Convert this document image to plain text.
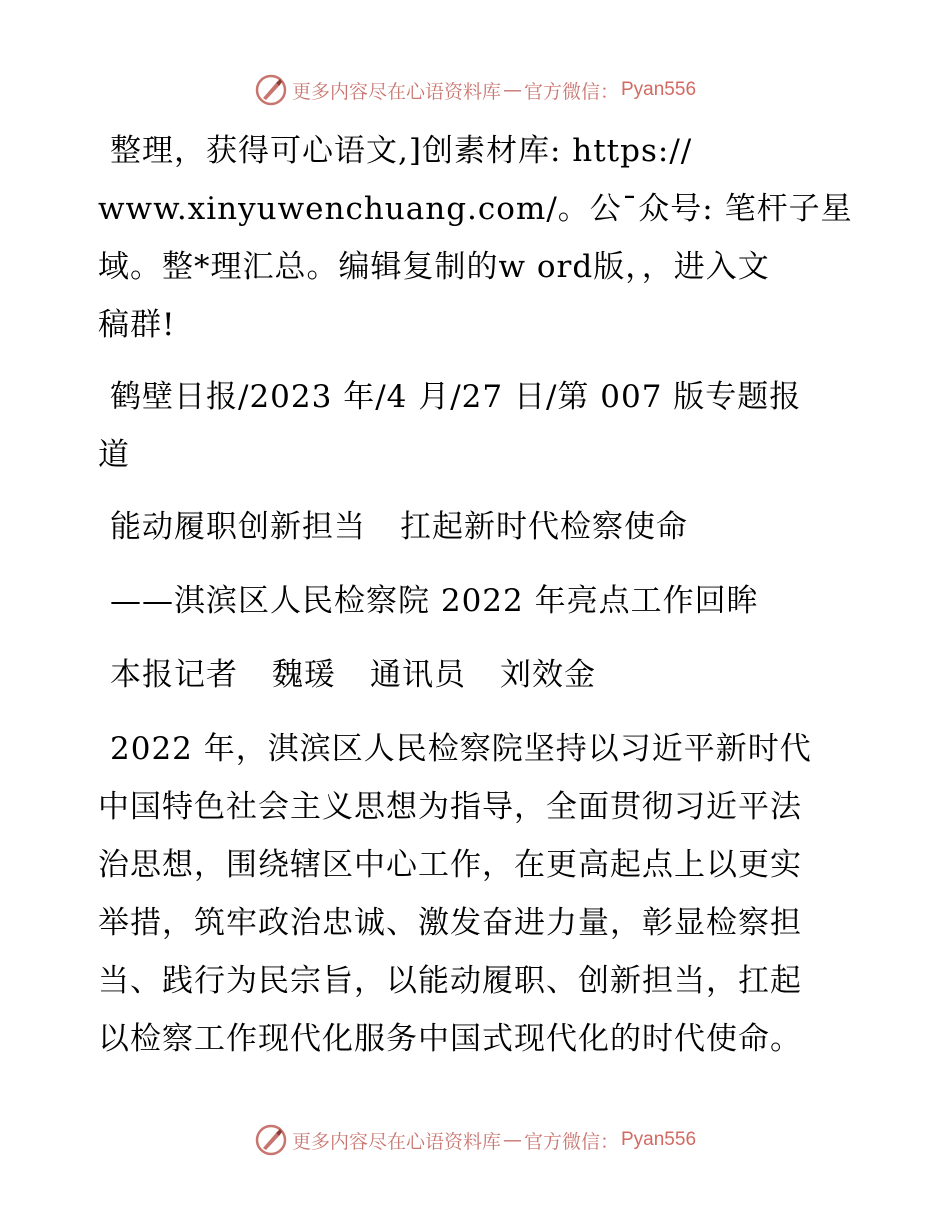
更多内容尽在心语资料库 — 官方微信： Pyan556
整理，获得可心语文,]创素材库: https://
www.xinyuwenchuang.com/。公¯众号: 笔杆子星
域。整*理汇总。编辑复制的w ord版，，进入文
稿群!
鹤壁日报/2023 年/4 月/27 日/第 007 版专题报
道
能动履职创新担当 扛起新时代检察使命
——淇滨区人民检察院 2022 年亮点工作回眸
本报记者 魏瑗 通讯员 刘效金
2022 年，淇滨区人民检察院坚持以习近平新时代
中国特色社会主义思想为指导，全面贯彻习近平法
治思想，围绕辖区中心工作，在更高起点上以更实
举措，筑牢政治忠诚、激发奋进力量，彰显检察担
当、践行为民宗旨，以能动履职、创新担当，扛起
以检察工作现代化服务中国式现代化的时代使命。
更多内容尽在心语资料库 — 官方微信： Pyan556
